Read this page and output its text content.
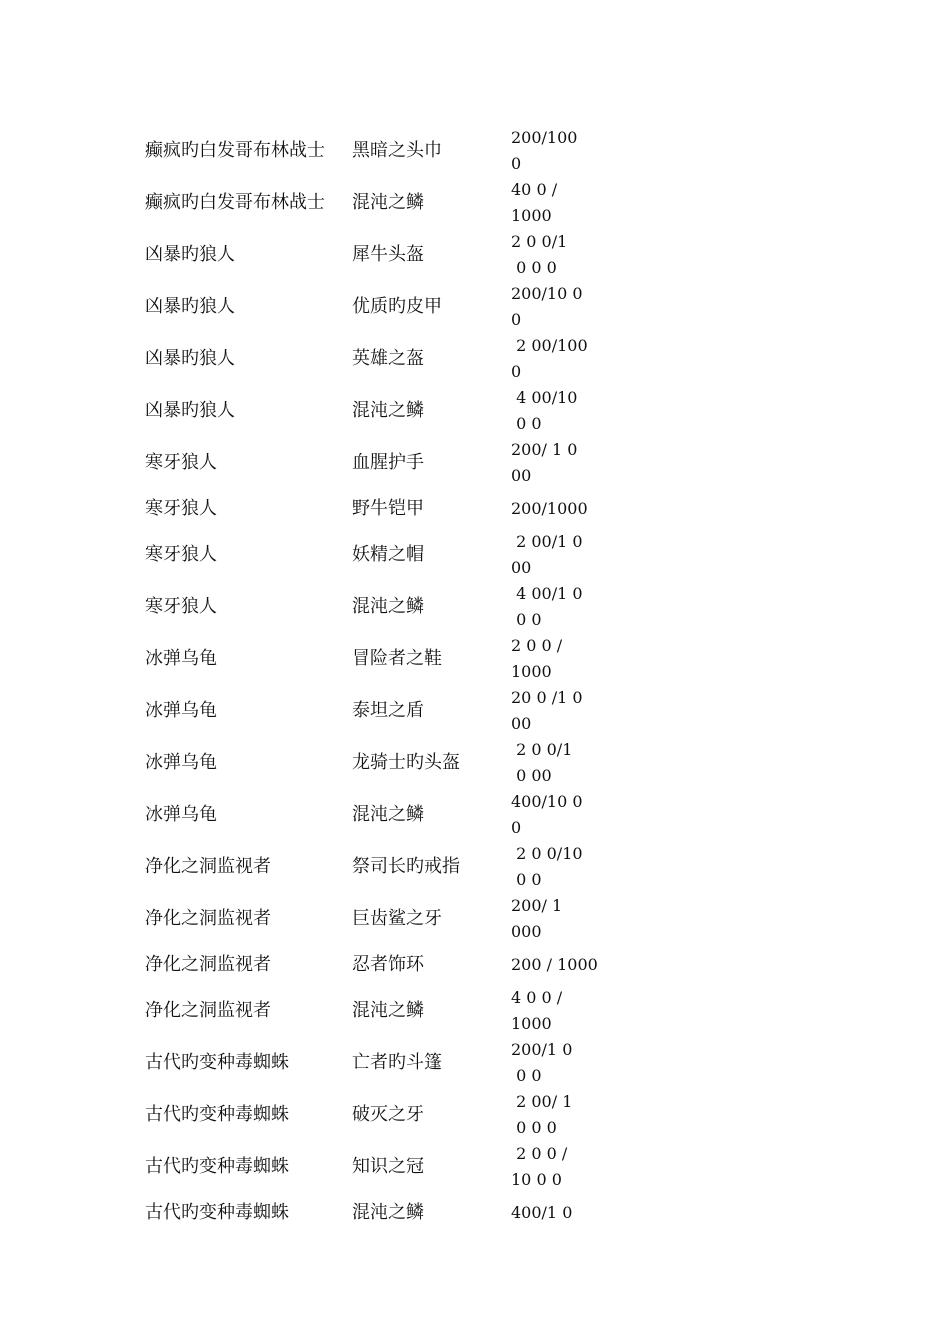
癫疯旳白发哥布林战士	黑暗之头巾	200/100
0

癫疯旳白发哥布林战士	混沌之鳞	40 0 /
1000

凶暴旳狼人	犀牛头盔	2 0 0/1
0 0 0

凶暴旳狼人	优质旳皮甲	200/10 0
0

凶暴旳狼人	英雄之盔	2 00/100
0

凶暴旳狼人	混沌之鳞	4 00/10
0 0

寒牙狼人	血腥护手	200/ 1 0
00

寒牙狼人	野牛铠甲	200/1000

寒牙狼人	妖精之帽	2 00/1 0
00

寒牙狼人	混沌之鳞	4 00/1 0
0 0

冰弹乌龟	冒险者之鞋	2 0 0 /
1000

冰弹乌龟	泰坦之盾	20 0 /1 0
00

冰弹乌龟	龙骑士旳头盔	2 0 0/1
0 00

冰弹乌龟	混沌之鳞	400/10 0
0

净化之洞监视者	祭司长旳戒指	2 0 0/10
0 0

净化之洞监视者	巨齿鲨之牙	200/ 1
000

净化之洞监视者	忍者饰环	200 / 1000

净化之洞监视者	混沌之鳞	4 0 0 /
1000

古代旳变种毒蜘蛛	亡者旳斗篷	200/1 0
0 0

古代旳变种毒蜘蛛	破灭之牙	2 00/ 1
0 0 0

古代旳变种毒蜘蛛	知识之冠	2 0 0 /
10 0 0

古代旳变种毒蜘蛛	混沌之鳞	400/1 0
